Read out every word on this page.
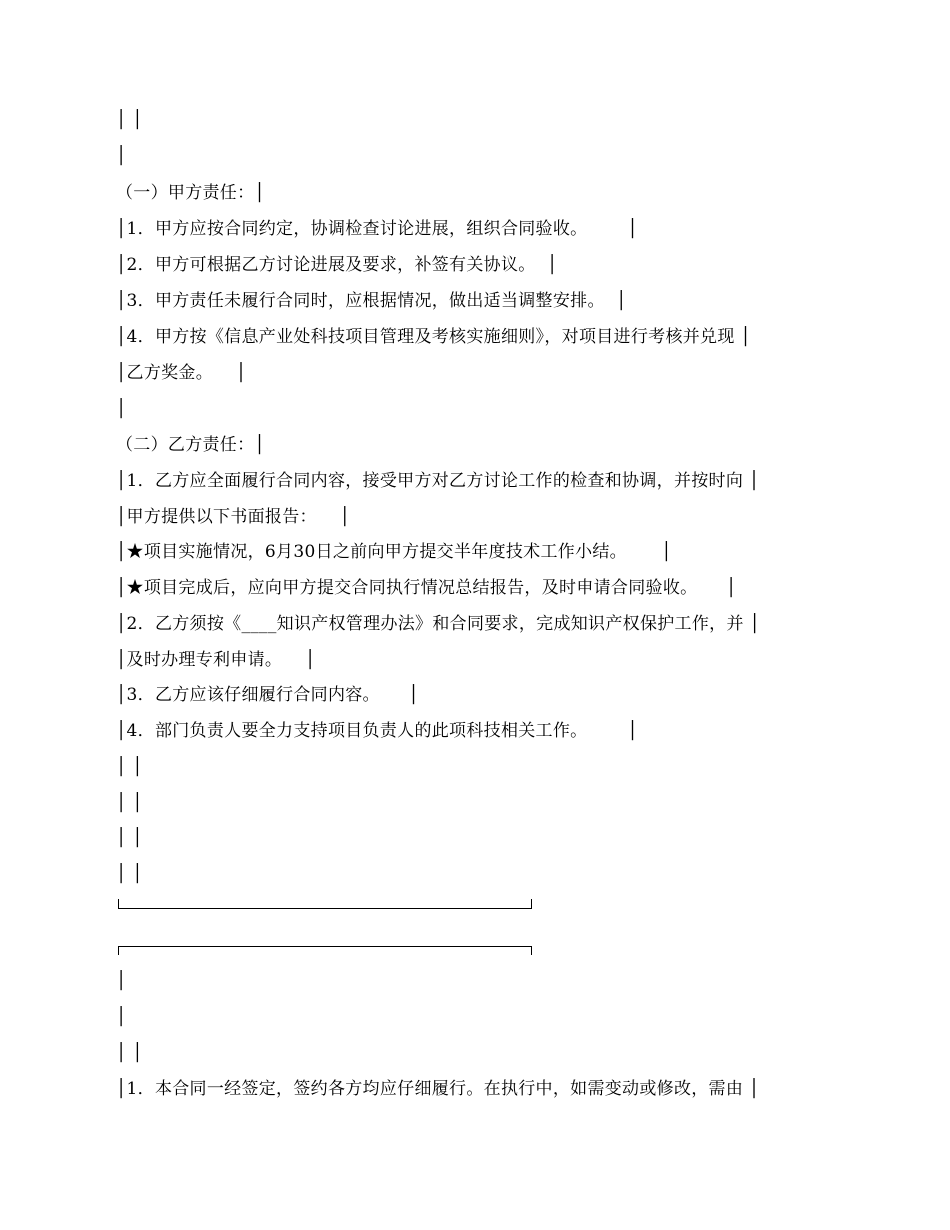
│ │
│
（一）甲方责任：│
│1．甲方应按合同约定，协调检查讨论进展，组织合同验收。       │
│2．甲方可根据乙方讨论进展及要求，补签有关协议。  │
│3．甲方责任未履行合同时，应根据情况，做出适当调整安排。  │
│4．甲方按《信息产业处科技项目管理及考核实施细则》，对项目进行考核并兑现 │
│乙方奖金。    │
│
（二）乙方责任：│
│1．乙方应全面履行合同内容，接受甲方对乙方讨论工作的检查和协调，并按时向 │
│甲方提供以下书面报告：    │
│★项目实施情况，6月30日之前向甲方提交半年度技术工作小结。      │
│★项目完成后，应向甲方提交合同执行情况总结报告，及时申请合同验收。     │
│2．乙方须按《____知识产权管理办法》和合同要求，完成知识产权保护工作，并 │
│及时办理专利申请。    │
│3．乙方应该仔细履行合同内容。     │
│4．部门负责人要全力支持项目负责人的此项科技相关工作。       │
│ │
│ │
│ │
│ │
│
│
│ │
│1．本合同一经签定，签约各方均应仔细履行。在执行中，如需变动或修改，需由 │
